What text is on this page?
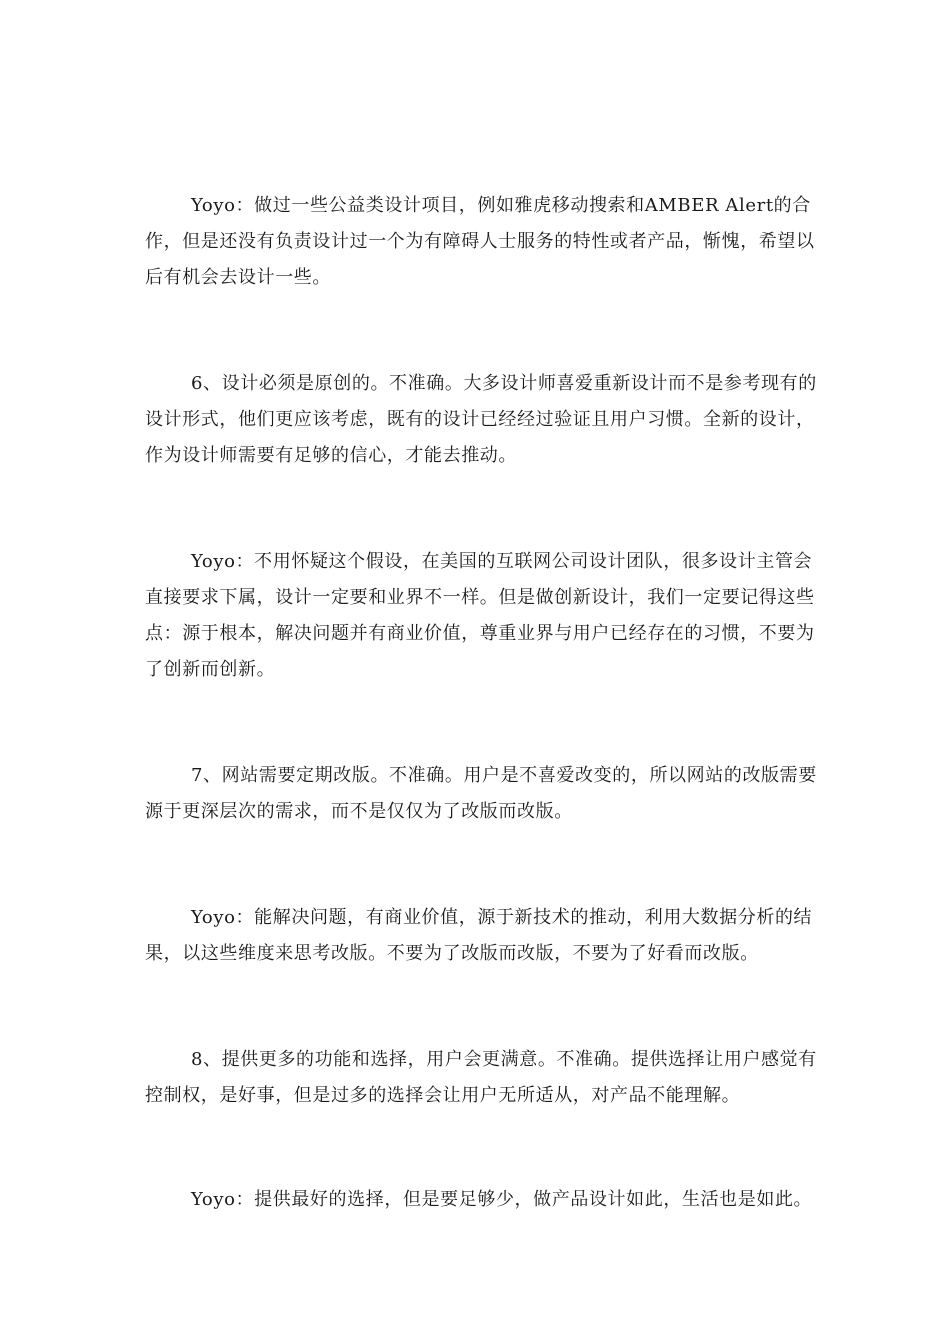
Yoyo：做过一些公益类设计项目，例如雅虎移动搜索和AMBER Alert的合作，但是还没有负责设计过一个为有障碍人士服务的特性或者产品，惭愧，希望以后有机会去设计一些。

6、设计必须是原创的。不准确。大多设计师喜爱重新设计而不是参考现有的设计形式，他们更应该考虑，既有的设计已经经过验证且用户习惯。全新的设计，作为设计师需要有足够的信心，才能去推动。

Yoyo：不用怀疑这个假设，在美国的互联网公司设计团队，很多设计主管会直接要求下属，设计一定要和业界不一样。但是做创新设计，我们一定要记得这些点：源于根本，解决问题并有商业价值，尊重业界与用户已经存在的习惯，不要为了创新而创新。

7、网站需要定期改版。不准确。用户是不喜爱改变的，所以网站的改版需要源于更深层次的需求，而不是仅仅为了改版而改版。

Yoyo：能解决问题，有商业价值，源于新技术的推动，利用大数据分析的结果，以这些维度来思考改版。不要为了改版而改版，不要为了好看而改版。

8、提供更多的功能和选择，用户会更满意。不准确。提供选择让用户感觉有控制权，是好事，但是过多的选择会让用户无所适从，对产品不能理解。

Yoyo：提供最好的选择，但是要足够少，做产品设计如此，生活也是如此。
